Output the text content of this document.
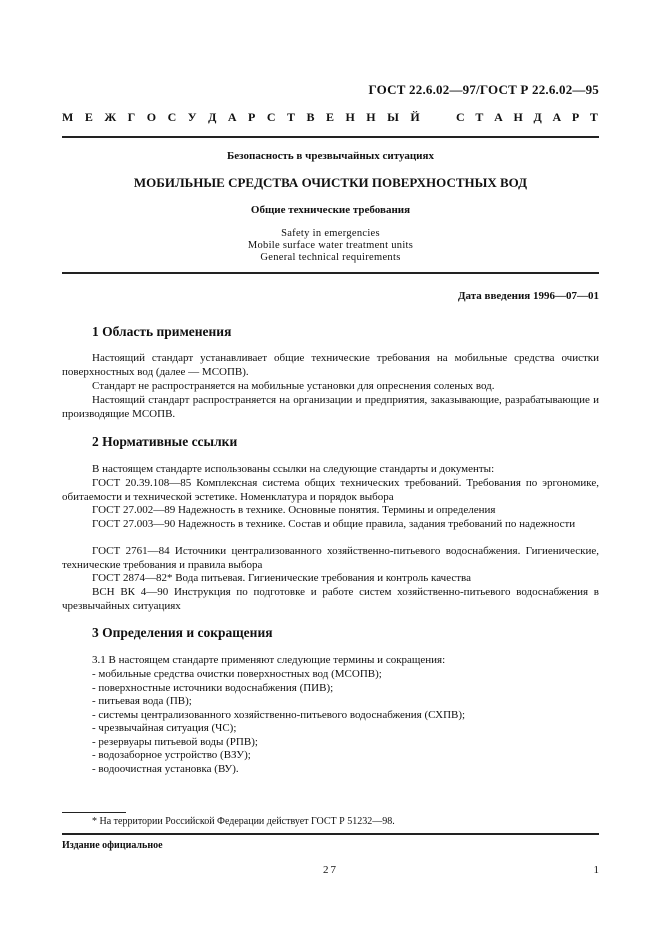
ГОСТ 22.6.02—97/ГОСТ Р 22.6.02—95
М Е Ж Г О С У Д А Р С Т В Е Н Н Ы Й	С Т А Н Д А Р Т
Безопасность в чрезвычайных ситуациях
МОБИЛЬНЫЕ СРЕДСТВА ОЧИСТКИ ПОВЕРХНОСТНЫХ ВОД
Общие технические требования
Safety in emergencies
Mobile surface water treatment units
General technical requirements
Дата введения 1996—07—01
1 Область применения
Настоящий стандарт устанавливает общие технические требования на мобильные средства очистки поверхностных вод (далее — МСОПВ).
Стандарт не распространяется на мобильные установки для опреснения соленых вод.
Настоящий стандарт распространяется на организации и предприятия, заказывающие, разрабатывающие и производящие МСОПВ.
2 Нормативные ссылки
В настоящем стандарте использованы ссылки на следующие стандарты и документы:
ГОСТ 20.39.108—85 Комплексная система общих технических требований. Требования по эргономике, обитаемости и технической эстетике. Номенклатура и порядок выбора
ГОСТ 27.002—89 Надежность в технике. Основные понятия. Термины и определения
ГОСТ 27.003—90 Надежность в технике. Состав и общие правила, задания требований по надежности
ГОСТ 2761—84 Источники централизованного хозяйственно-питьевого водоснабжения. Гигиенические, технические требования и правила выбора
ГОСТ 2874—82* Вода питьевая. Гигиенические требования и контроль качества
ВСН ВК 4—90 Инструкция по подготовке и работе систем хозяйственно-питьевого водоснабжения в чрезвычайных ситуациях
3 Определения и сокращения
3.1 В настоящем стандарте применяют следующие термины и сокращения:
- мобильные средства очистки поверхностных вод (МСОПВ);
- поверхностные источники водоснабжения (ПИВ);
- питьевая вода (ПВ);
- системы централизованного хозяйственно-питьевого водоснабжения (СХПВ);
- чрезвычайная ситуация (ЧС);
- резервуары питьевой воды (РПВ);
- водозаборное устройство (ВЗУ);
- водоочистная установка (ВУ).
* На территории Российской Федерации действует ГОСТ Р 51232—98.
Издание официальное
27	1
